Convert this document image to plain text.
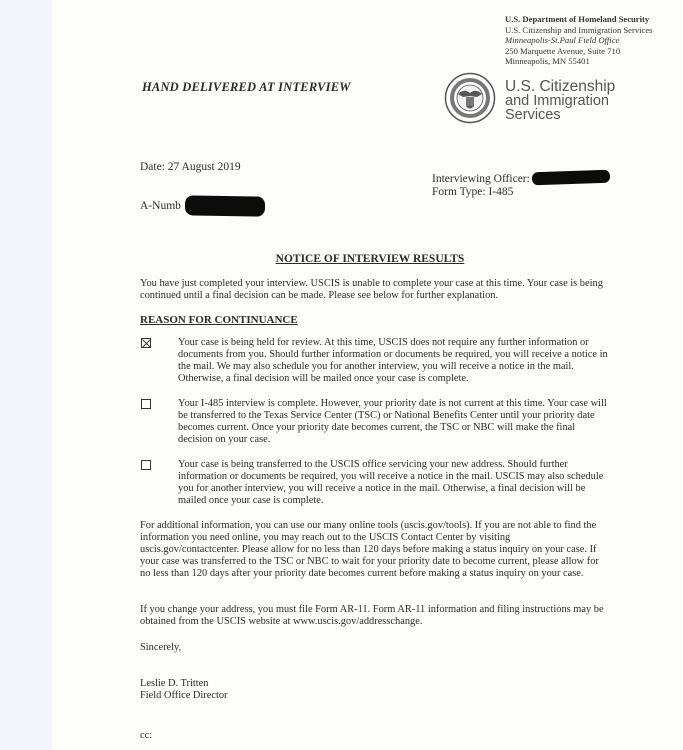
U.S. Department of Homeland Security
U.S. Citizenship and Immigration Services
Minneapolis-St.Paul Field Office
250 Marquette Avenue, Suite 710
Minneapolis, MN 55401
HAND DELIVERED AT INTERVIEW	U.S. Citizenship
and Immigration
Services
Date: 27 August 2019
Interviewing Officer:
Form Type: I-485
A-Numb
NOTICE OF INTERVIEW RESULTS
You have just completed your interview. USCIS is unable to complete your case at this time. Your case is being continued until a final decision can be made. Please see below for further explanation.
REASON FOR CONTINUANCE
Your case is being held for review. At this time, USCIS does not require any further information or documents from you. Should further information or documents be required, you will receive a notice in the mail. We may also schedule you for another interview, you will receive a notice in the mail. Otherwise, a final decision will be mailed once your case is complete.
Your I-485 interview is complete. However, your priority date is not current at this time. Your case will be transferred to the Texas Service Center (TSC) or National Benefits Center until your priority date becomes current. Once your priority date becomes current, the TSC or NBC will make the final decision on your case.
Your case is being transferred to the USCIS office servicing your new address. Should further information or documents be required, you will receive a notice in the mail. USCIS may also schedule you for another interview, you will receive a notice in the mail. Otherwise, a final decision will be mailed once your case is complete.
For additional information, you can use our many online tools (uscis.gov/tools). If you are not able to find the information you need online, you may reach out to the USCIS Contact Center by visiting uscis.gov/contactcenter. Please allow for no less than 120 days before making a status inquiry on your case. If your case was transferred to the TSC or NBC to wait for your priority date to become current, please allow for no less than 120 days after your priority date becomes current before making a status inquiry on your case.
If you change your address, you must file Form AR-11. Form AR-11 information and filing instructions may be obtained from the USCIS website at www.uscis.gov/addresschange.
Sincerely,
Leslie D. Tritten
Field Office Director
cc:
